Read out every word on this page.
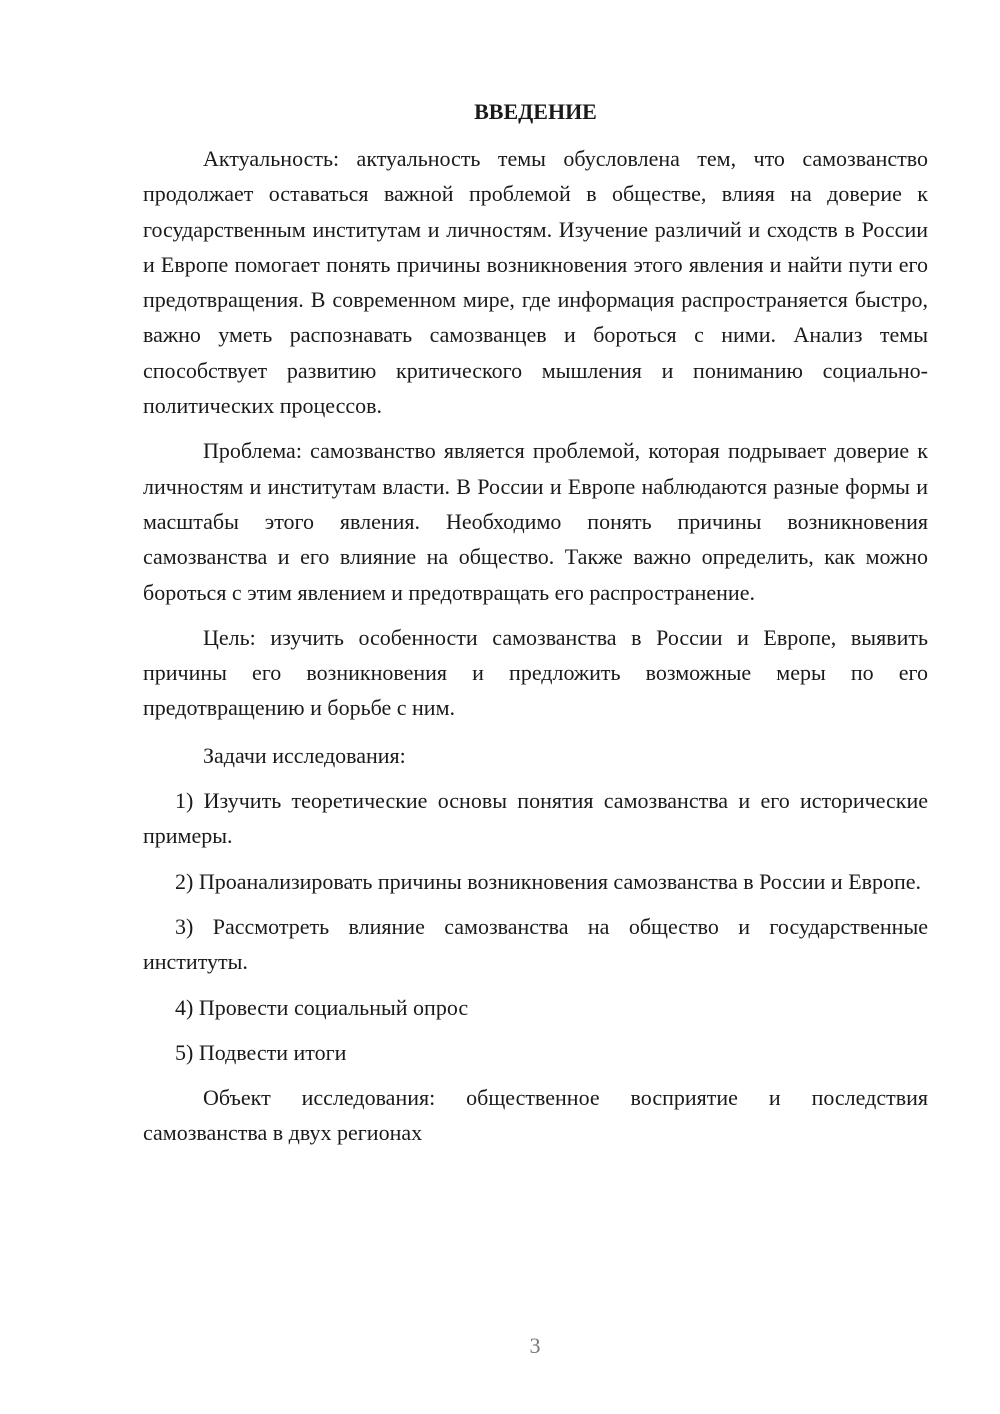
ВВЕДЕНИЕ

Актуальность: актуальность темы обусловлена тем, что самозванство продолжает оставаться важной проблемой в обществе, влияя на доверие к государственным институтам и личностям. Изучение различий и сходств в России и Европе помогает понять причины возникновения этого явления и найти пути его предотвращения. В современном мире, где информация распространяется быстро, важно уметь распознавать самозванцев и бороться с ними. Анализ темы способствует развитию критического мышления и пониманию социально-политических процессов.

Проблема: самозванство является проблемой, которая подрывает доверие к личностям и институтам власти. В России и Европе наблюдаются разные формы и масштабы этого явления. Необходимо понять причины возникновения самозванства и его влияние на общество. Также важно определить, как можно бороться с этим явлением и предотвращать его распространение.

Цель: изучить особенности самозванства в России и Европе, выявить причины его возникновения и предложить возможные меры по его предотвращению и борьбе с ним.

Задачи исследования:

1) Изучить теоретические основы понятия самозванства и его исторические примеры.

2) Проанализировать причины возникновения самозванства в России и Европе.

3) Рассмотреть влияние самозванства на общество и государственные институты.

4) Провести социальный опрос

5) Подвести итоги

Объект исследования: общественное восприятие и последствия самозванства в двух регионах

3
